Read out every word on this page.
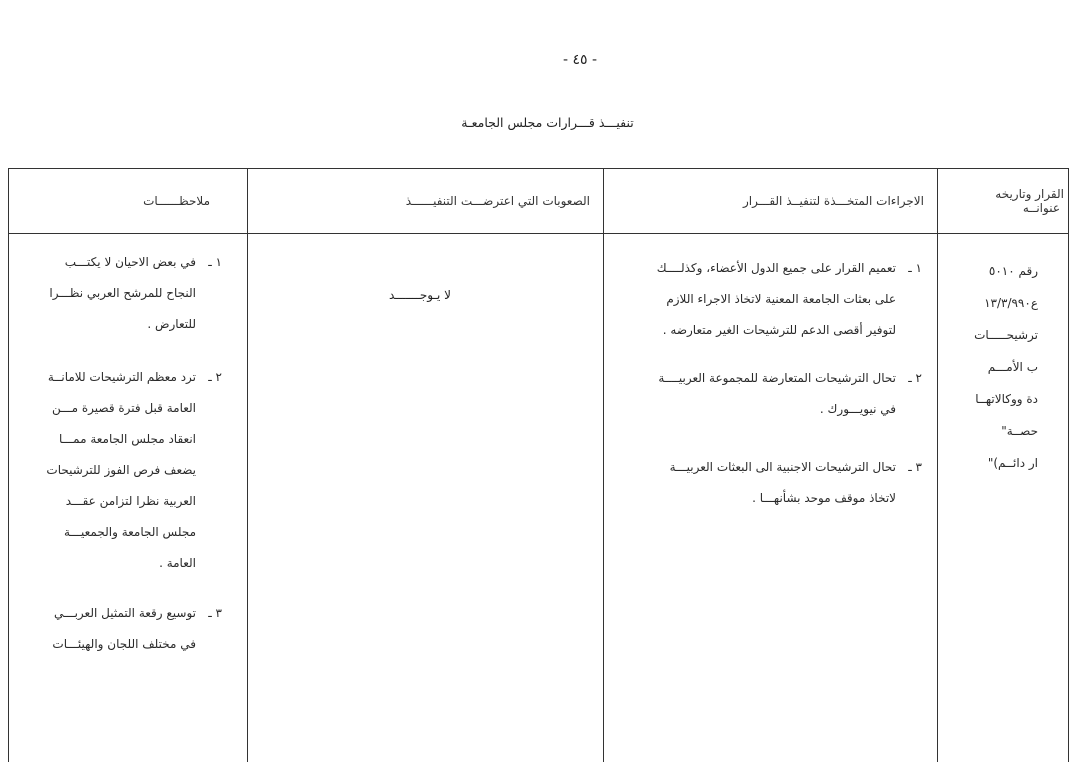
- ٤٥ -
تنفيـــذ قـــرارات مجلس الجامعـة
القرار وتاريخه
عنوانــه
الاجراءات المتخـــذة لتنفيــذ القـــرار
الصعوبات التي اعترضـــت التنفيــــــذ
ملاحظــــــات
رقم ٥٠١٠
ع١٣/٣/٩٩٠
ترشيحـــــات
ب الأمـــم
دة ووكالاتهــا
حصــة"
ار دائــم)"
١ ـتعميم القرار على جميع الدول الأعضاء، وكذلــــك
على بعثات الجامعة المعنية لاتخاذ الاجراء اللازم
لتوفير أقصى الدعم للترشيحات الغير متعارضه .
٢ ـتحال الترشيحات المتعارضة للمجموعة العربيــــة
في نيويـــورك .
٣ ـتحال الترشيحات الاجنبية الى البعثات العربيـــة
لاتخاذ موقف موحد بشأنهـــا .
لا يـوجـــــــد
١ ـفي بعض الاحيان لا يكتـــب
النجاح للمرشح العربي نظـــرا
للتعارض .
٢ ـترد معظم الترشيحات للامانــة
العامة قبل فترة قصيرة مـــن
انعقاد مجلس الجامعة ممـــا
يضعف فرص الفوز للترشيحات
العربية نظرا لتزامن عقـــد
مجلس الجامعة والجمعيـــة
العامة .
٣ ـتوسيع رقعة التمثيل العربـــي
في مختلف اللجان والهيئـــات
